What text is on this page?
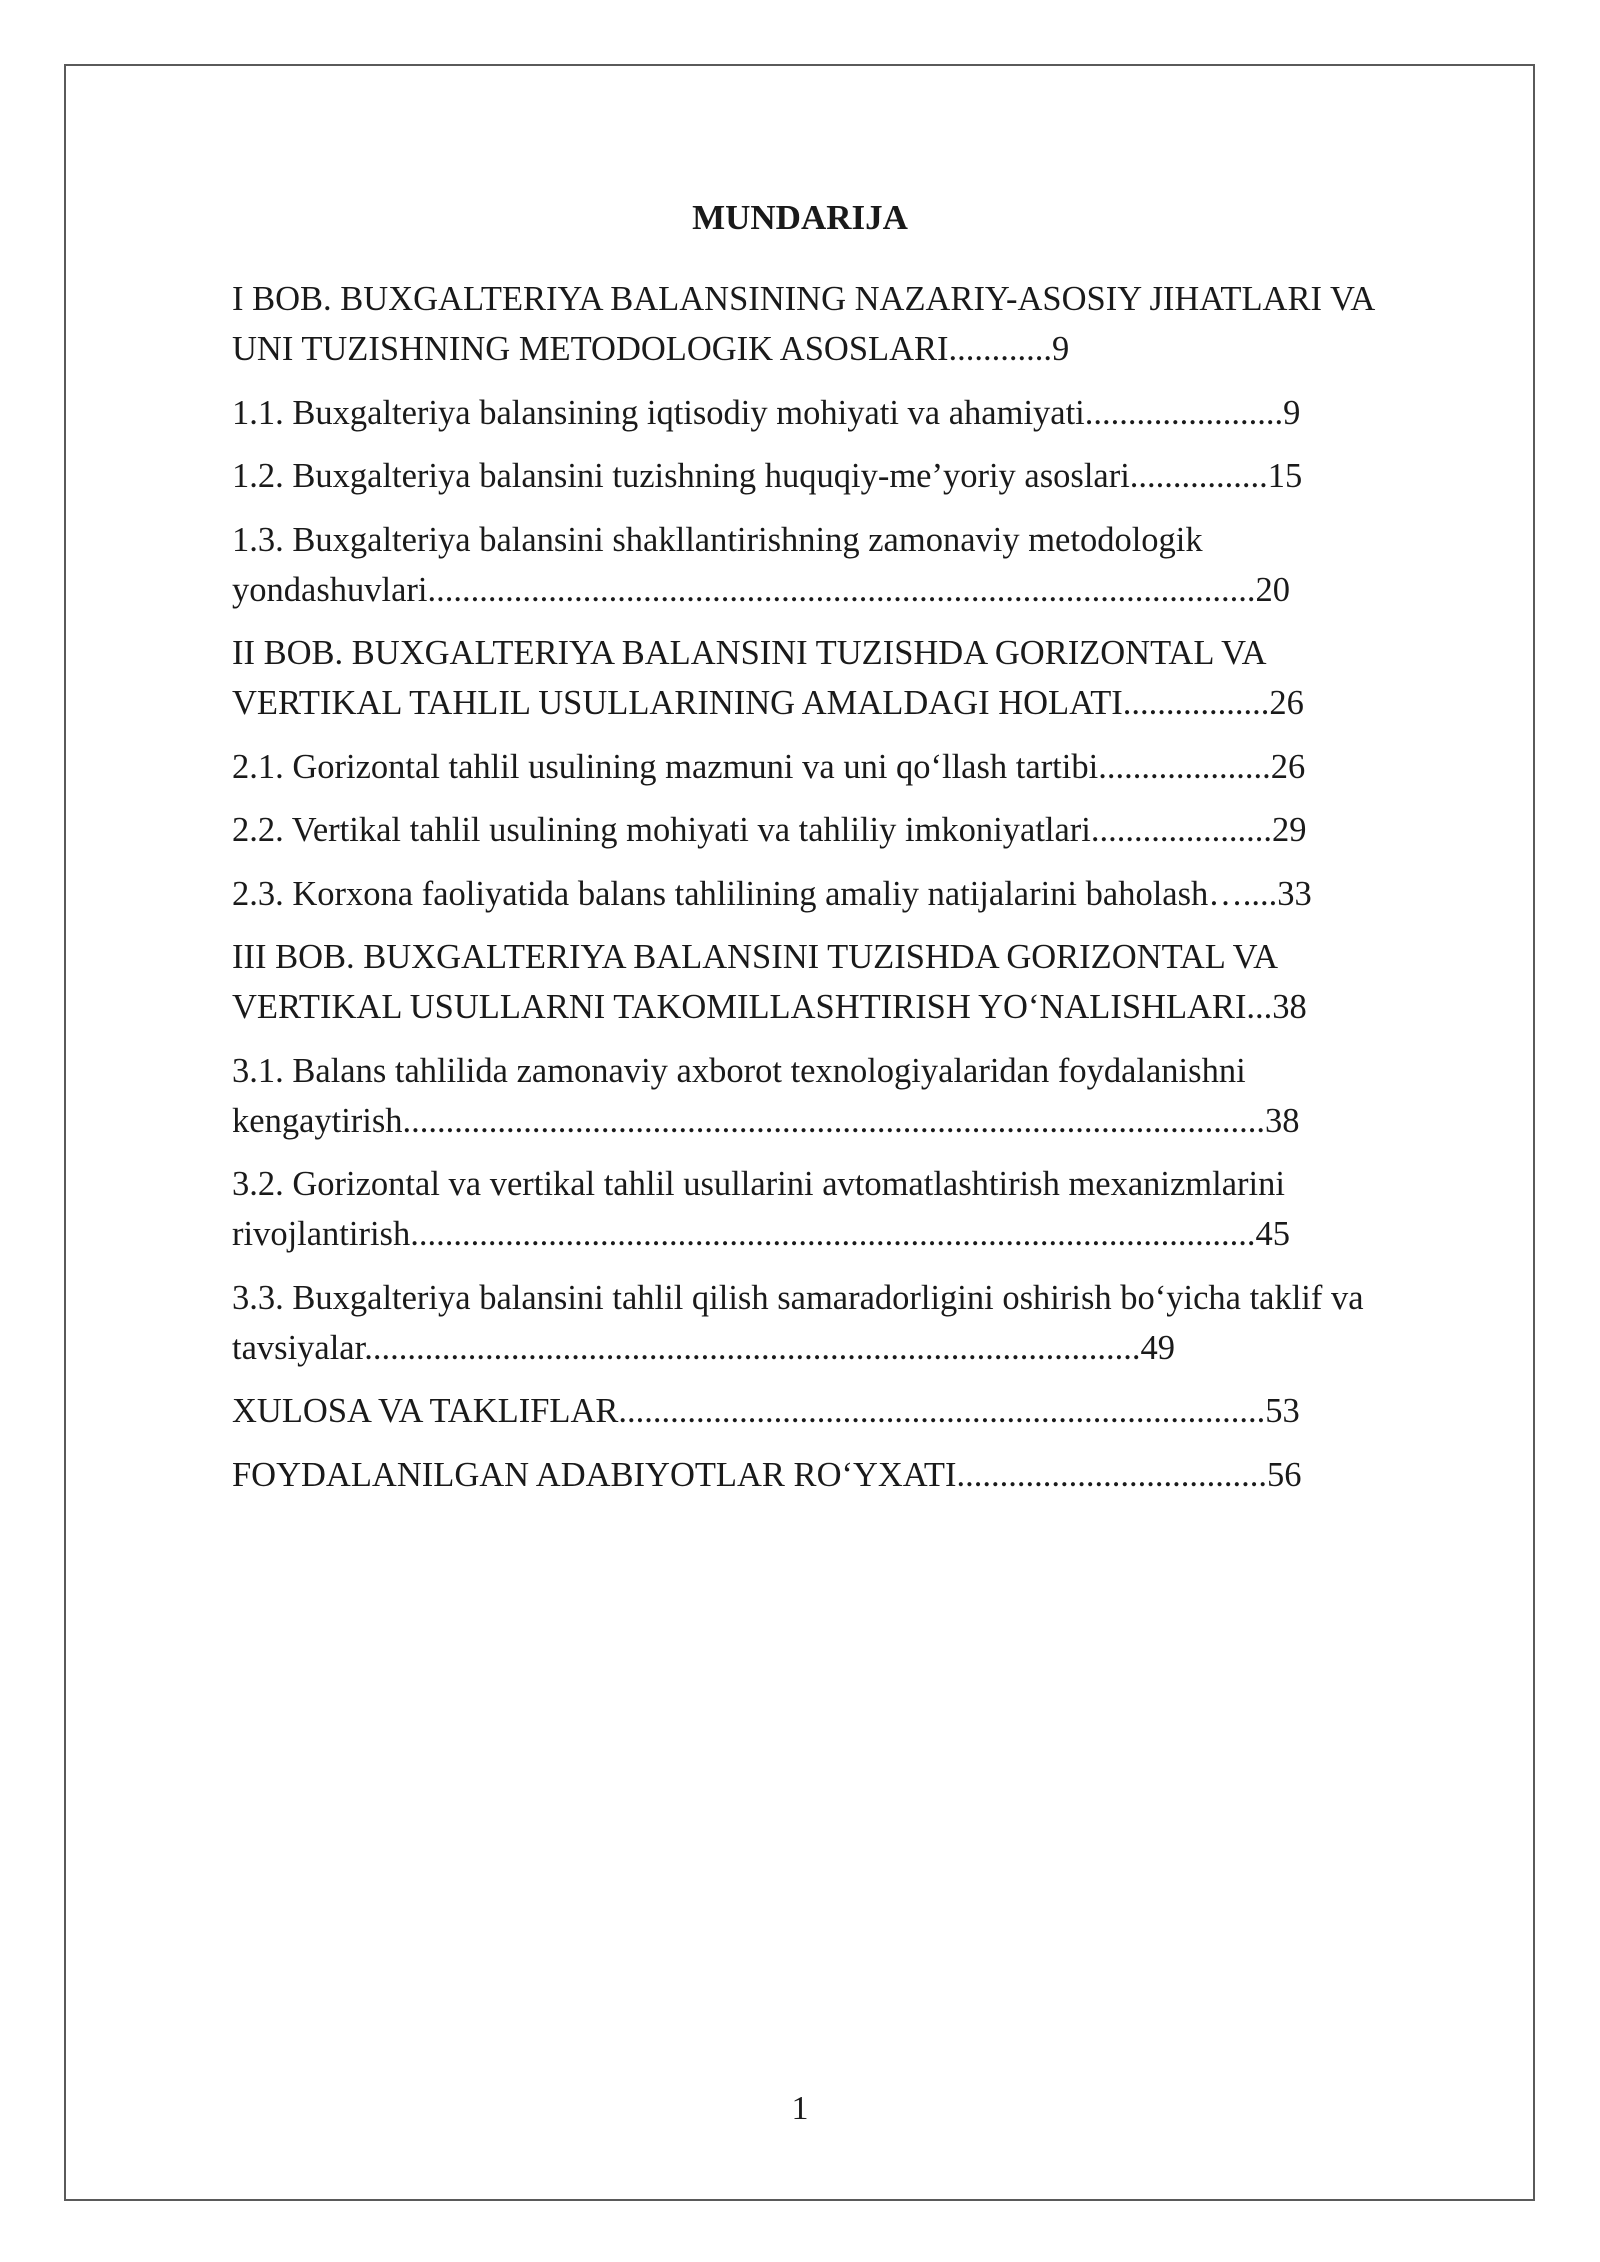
MUNDARIJA
I BOB. BUXGALTERIYA BALANSINING NAZARIY-ASOSIY JIHATLARI VA UNI TUZISHNING METODOLOGIK ASOSLARI............9
1.1. Buxgalteriya balansining iqtisodiy mohiyati va ahamiyati.......................9
1.2. Buxgalteriya balansini tuzishning huquqiy-me’yoriy asoslari................15
1.3. Buxgalteriya balansini shakllantirishning zamonaviy metodologik yondashuvlari................................................................................................20
II BOB. BUXGALTERIYA BALANSINI TUZISHDA GORIZONTAL VA VERTIKAL TAHLIL USULLARINING AMALDAGI HOLATI.................26
2.1. Gorizontal tahlil usulining mazmuni va uni qo‘llash tartibi....................26
2.2. Vertikal tahlil usulining mohiyati va tahliliy imkoniyatlari.....................29
2.3. Korxona faoliyatida balans tahlilining amaliy natijalarini baholash…....33
III BOB. BUXGALTERIYA BALANSINI TUZISHDA GORIZONTAL VA VERTIKAL USULLARNI TAKOMILLASHTIRISH YO‘NALISHLARI...38
3.1. Balans tahlilida zamonaviy axborot texnologiyalaridan foydalanishni kengaytirish....................................................................................................38
3.2. Gorizontal va vertikal tahlil usullarini avtomatlashtirish mexanizmlarini rivojlantirish..................................................................................................45
3.3. Buxgalteriya balansini tahlil qilish samaradorligini oshirish bo‘yicha taklif va tavsiyalar..........................................................................................49
XULOSA VA TAKLIFLAR...........................................................................53
FOYDALANILGAN ADABIYOTLAR RO‘YXATI....................................56
1
